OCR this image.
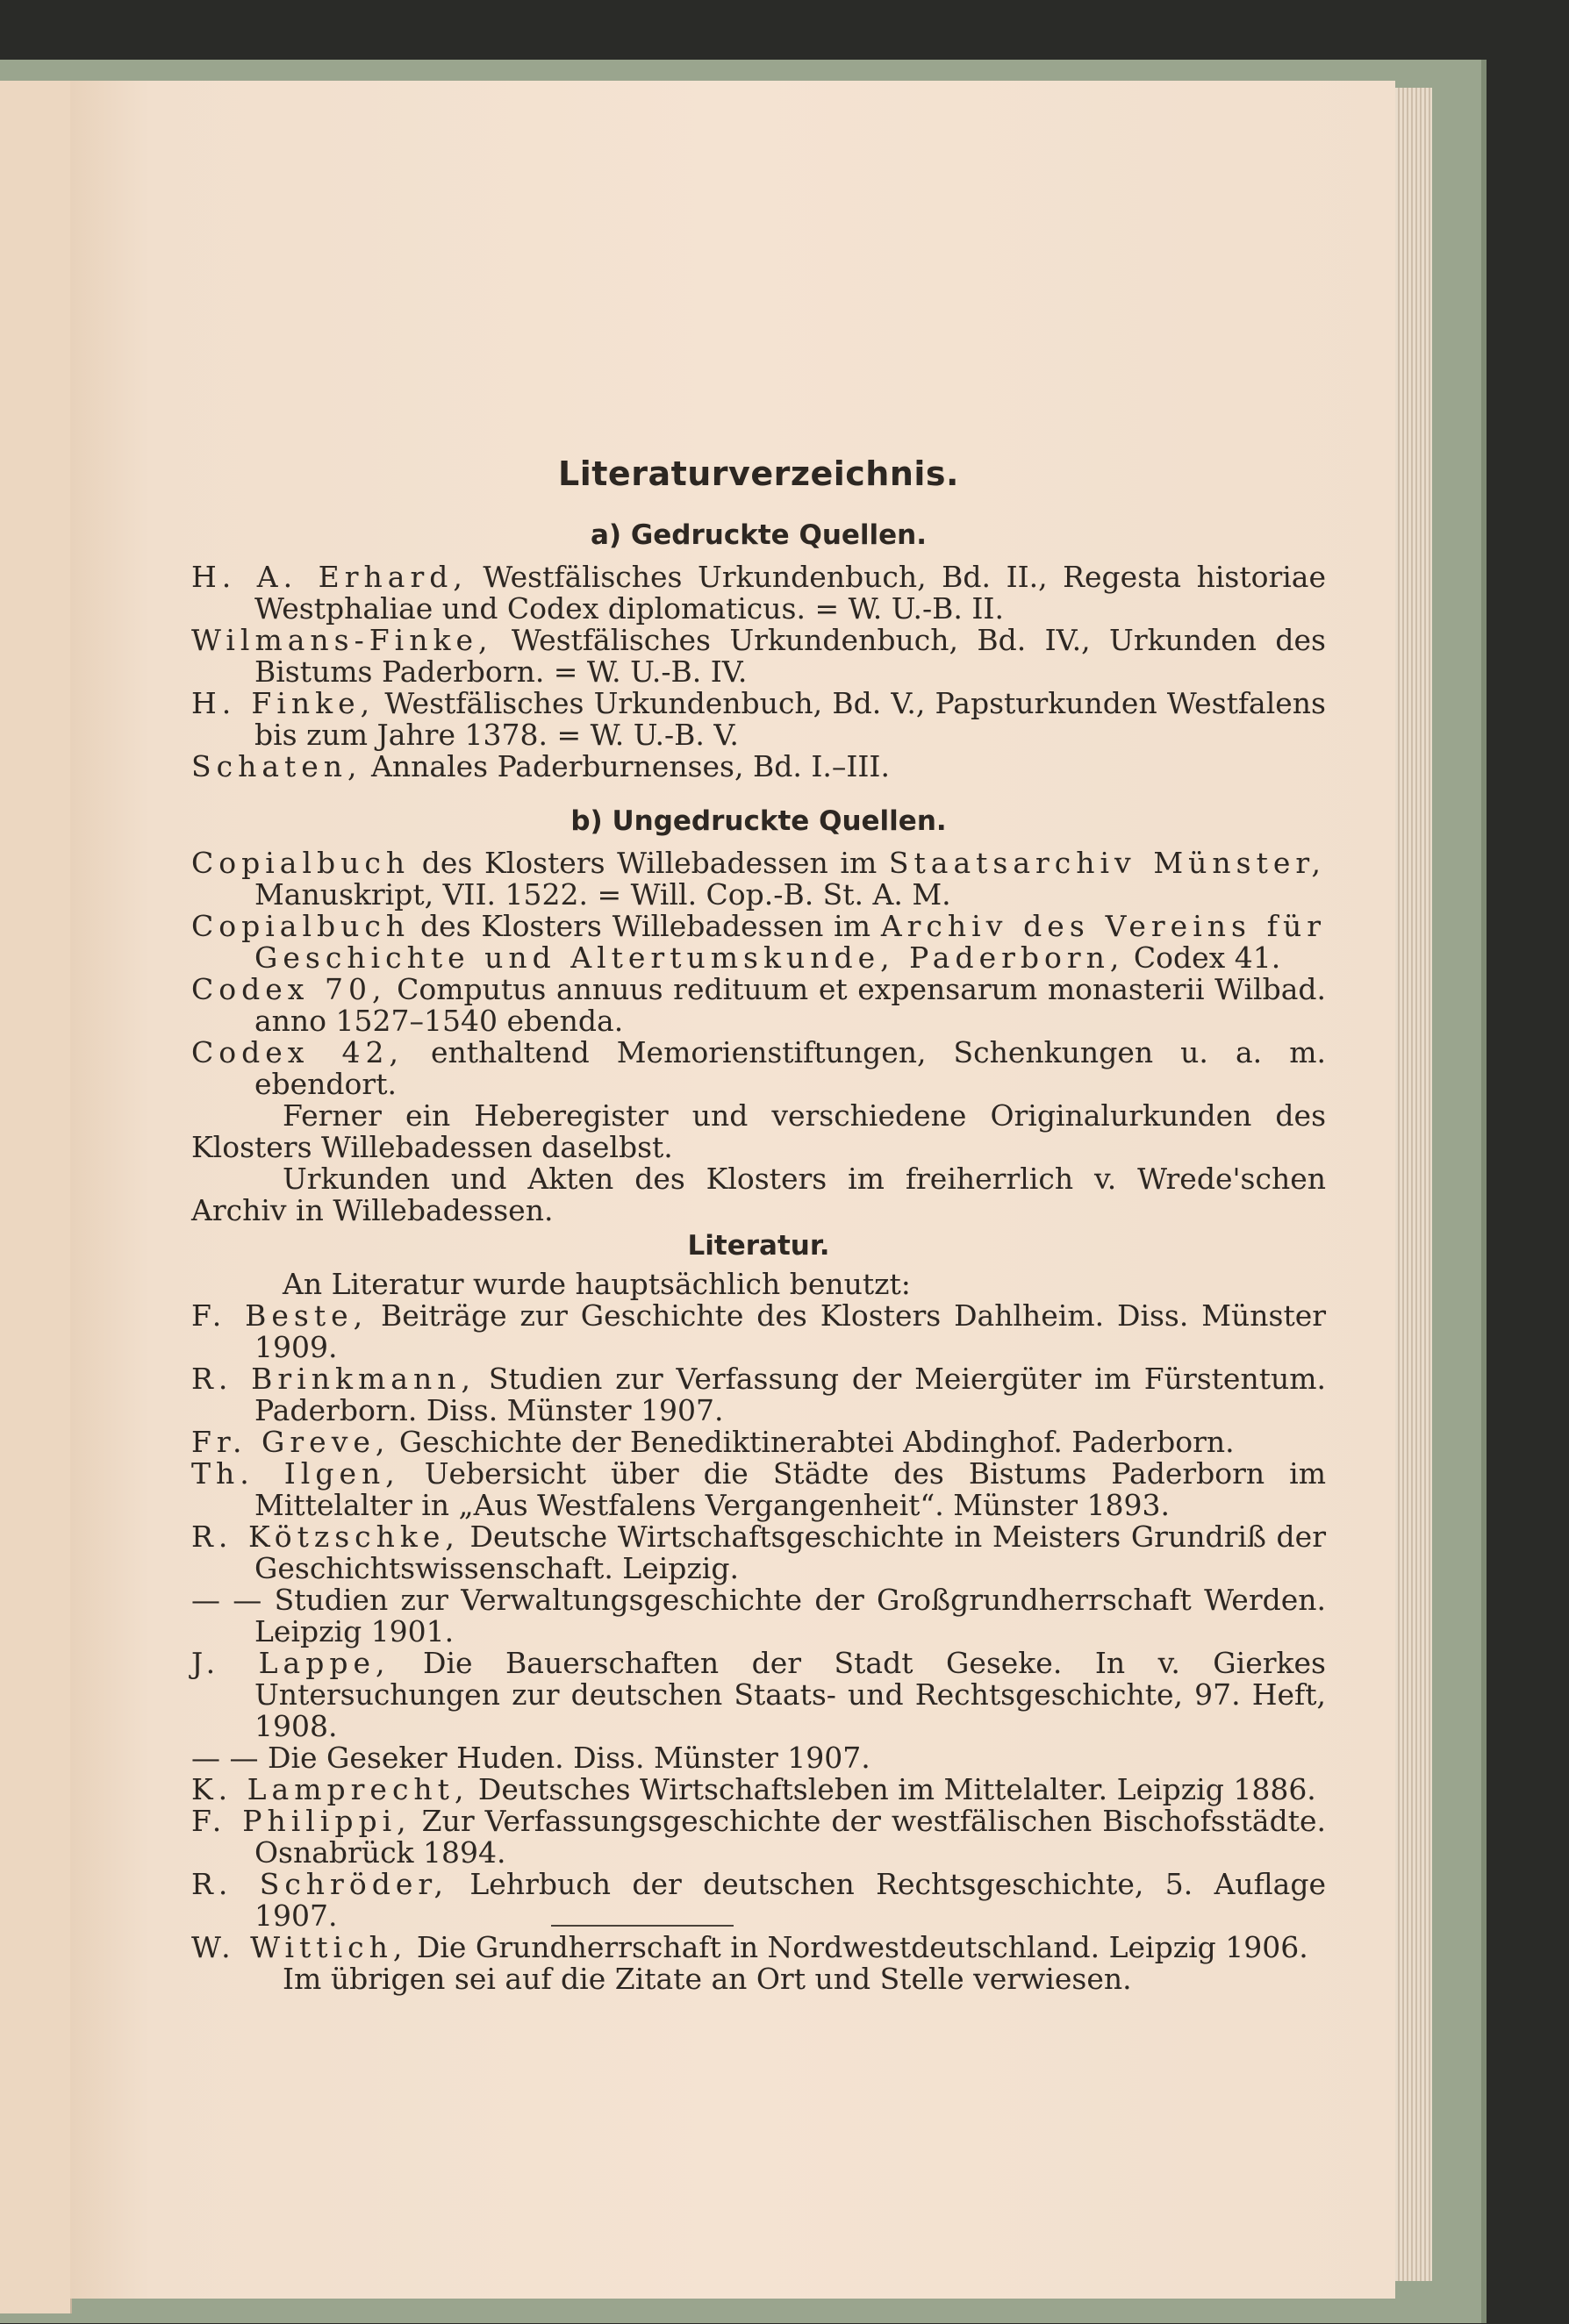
Literaturverzeichnis.
a) Gedruckte Quellen.
H. A. Erhard, Westfälisches Urkundenbuch, Bd. II., Regesta historiae Westphaliae und Codex diplomaticus. = W. U.-B. II.
Wilmans-Finke, Westfälisches Urkundenbuch, Bd. IV., Urkunden des Bistums Paderborn. = W. U.-B. IV.
H. Finke, Westfälisches Urkundenbuch, Bd. V., Papsturkunden Westfalens bis zum Jahre 1378. = W. U.-B. V.
Schaten, Annales Paderburnenses, Bd. I.–III.
b) Ungedruckte Quellen.
Copialbuch des Klosters Willebadessen im Staatsarchiv Münster, Manuskript, VII. 1522. = Will. Cop.-B. St. A. M.
Copialbuch des Klosters Willebadessen im Archiv des Vereins für Geschichte und Altertumskunde, Paderborn, Codex 41.
Codex 70, Computus annuus redituum et expensarum monasterii Wilbad. anno 1527–1540 ebenda.
Codex 42, enthaltend Memorienstiftungen, Schenkungen u. a. m. ebendort.
Ferner ein Heberegister und verschiedene Originalurkunden des Klosters Willebadessen daselbst.
Urkunden und Akten des Klosters im freiherrlich v. Wrede'schen Archiv in Willebadessen.
Literatur.
An Literatur wurde hauptsächlich benutzt:
F. Beste, Beiträge zur Geschichte des Klosters Dahlheim. Diss. Münster 1909.
R. Brinkmann, Studien zur Verfassung der Meiergüter im Fürstentum. Paderborn. Diss. Münster 1907.
Fr. Greve, Geschichte der Benediktinerabtei Abdinghof. Paderborn.
Th. Ilgen, Uebersicht über die Städte des Bistums Paderborn im Mittelalter in „Aus Westfalens Vergangenheit“. Münster 1893.
R. Kötzschke, Deutsche Wirtschaftsgeschichte in Meisters Grundriß der Geschichtswissenschaft. Leipzig.
— — Studien zur Verwaltungsgeschichte der Großgrundherrschaft Werden. Leipzig 1901.
J. Lappe, Die Bauerschaften der Stadt Geseke. In v. Gierkes Untersuchungen zur deutschen Staats- und Rechtsgeschichte, 97. Heft, 1908.
— — Die Geseker Huden. Diss. Münster 1907.
K. Lamprecht, Deutsches Wirtschaftsleben im Mittelalter. Leipzig 1886.
F. Philippi, Zur Verfassungsgeschichte der westfälischen Bischofsstädte. Osnabrück 1894.
R. Schröder, Lehrbuch der deutschen Rechtsgeschichte, 5. Auflage 1907.
W. Wittich, Die Grundherrschaft in Nordwestdeutschland. Leipzig 1906.
Im übrigen sei auf die Zitate an Ort und Stelle verwiesen.
